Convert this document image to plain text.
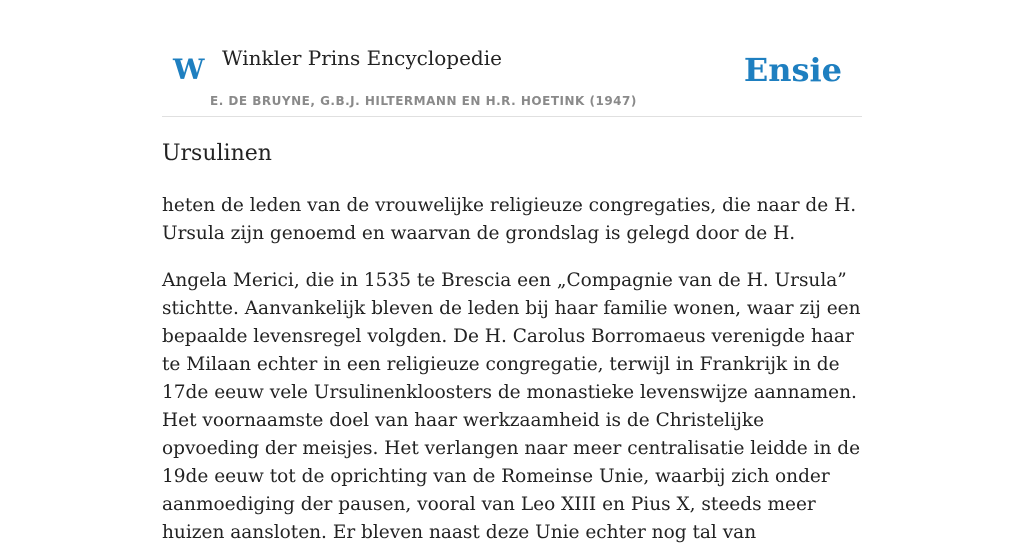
W Winkler Prins Encyclopedie
E. DE BRUYNE, G.B.J. HILTERMANN EN H.R. HOETINK (1947)
Ensie
Ursulinen

heten de leden van de vrouwelijke religieuze congregaties, die naar de H. Ursula zijn genoemd en waarvan de grondslag is gelegd door de H.

Angela Merici, die in 1535 te Brescia een „Compagnie van de H. Ursula” stichtte. Aanvankelijk bleven de leden bij haar familie wonen, waar zij een bepaalde levensregel volgden. De H. Carolus Borromaeus verenigde haar te Milaan echter in een religieuze congregatie, terwijl in Frankrijk in de 17de eeuw vele Ursulinenkloosters de monastieke levenswijze aannamen. Het voornaamste doel van haar werkzaamheid is de Christelijke opvoeding der meisjes. Het verlangen naar meer centralisatie leidde in de 19de eeuw tot de oprichting van de Romeinse Unie, waarbij zich onder aanmoediging der pausen, vooral van Leo XIII en Pius X, steeds meer huizen aansloten. Er bleven naast deze Unie echter nog tal van
